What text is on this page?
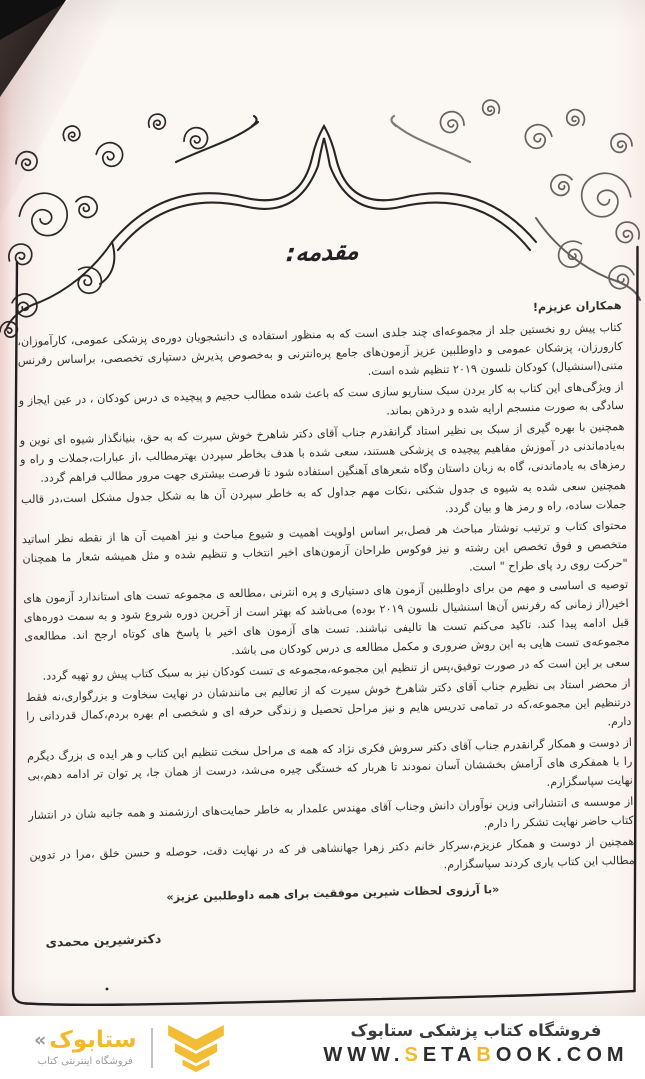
مقدمه:
همکاران عزیزم!

کتاب پیش رو نخستین جلد از مجموعه‌ای چند جلدی است که به منظور استفاده ی دانشجویان دوره‌ی پزشکی عمومی، کارآموزان، کارورزان، پزشکان عمومی و داوطلبین عزیز آزمون‌های جامع پره‌انترنی و به‌خصوص پذیرش دستیاری تخصصی، براساس رفرنس متنی(اسنشیال) کودکان نلسون ۲۰۱۹ تنظیم شده است.

از ویژگی‌های این کتاب به کار بردن سبک سناریو سازی ست که باعث شده مطالب حجیم و پیچیده ی درس کودکان ، در عین ایجاز و سادگی به صورت منسجم ارایه شده و درذهن بماند.

همچنین با بهره گیری از سبک بی نظیر استاد گرانقدرم جناب آقای دکتر شاهرخ خوش سیرت که به حق، بنیانگذار شیوه ای نوین و به‌یادماندنی در آموزش مفاهیم پیچیده ی پزشکی هستند، سعی شده با هدف بخاطر سپردن بهترمطالب ،از عبارات،جملات و راه و رمزهای به یادماندنی، گاه به زبان داستان وگاه شعرهای آهنگین استفاده شود تا فرصت بیشتری جهت مرور مطالب فراهم گردد.

همچنین سعی شده به شیوه ی جدول شکنی ،نکات مهم جداول که به خاطر سپردن آن ها به شکل جدول مشکل است،در قالب جملات ساده، راه و رمز ها و بیان گردد.

محتوای کتاب و ترتیب نوشتار مباحث هر فصل،بر اساس اولویت اهمیت و شیوع مباحث و نیز اهمیت آن ها از نقطه نظر اساتید متخصص و فوق تخصص این رشته و نیز فوکوس طراحان آزمون‌های اخیر انتخاب و تنظیم شده و مثل همیشه شعار ما همچنان "حرکت روی رد پای طراح " است.

توصیه ی اساسی و مهم من برای داوطلبین آزمون های دستیاری و پره انترنی ،مطالعه ی مجموعه تست های استاندارد آزمون های اخیر(از زمانی که رفرنس آن‌ها اسنشیال نلسون ۲۰۱۹ بوده) می‌باشد که بهتر است از آخرین دوره شروع شود و به سمت دوره‌های قبل ادامه پیدا کند. تاکید می‌کنم تست ها تالیفی نباشند. تست های آزمون های اخیر با پاسخ های کوتاه ارجح اند. مطالعه‌ی مجموعه‌ی تست هایی به این روش ضروری و مکمل مطالعه ی درس کودکان می باشد.

سعی بر این است که در صورت توفیق،پس از تنظیم این مجموعه،مجموعه ی تست کودکان نیز به سبک کتاب پیش رو تهیه گردد.

از محضر استاد بی نظیرم جناب آقای دکتر شاهرخ خوش سیرت که از تعالیم بی مانندشان در نهایت سخاوت و بزرگواری،نه فقط درتنظیم این مجموعه،که در تمامی تدریس هایم و نیز مراحل تحصیل و زندگی حرفه ای و شخصی ام بهره بردم،کمال قدردانی را دارم.

از دوست و همکار گرانقدرم جناب آقای دکتر سروش فکری نژاد که همه ی مراحل سخت تنظیم این کتاب و هر ایده ی بزرگ دیگرم را با همفکری های آرامش بخششان آسان نمودند تا هربار که خستگی چیره می‌شد، درست از همان جا، پر توان تر ادامه دهم،بی نهایت سپاسگزارم.

از موسسه ی انتشاراتی وزین نوآوران دانش وجناب آقای مهندس علمدار به خاطر حمایت‌های ارزشمند و همه جانبه شان در انتشار کتاب حاضر نهایت تشکر را دارم.

همچنین از دوست و همکار عزیزم،سرکار خانم دکتر زهرا جهانشاهی فر که در نهایت دقت، حوصله و حسن خلق ،مرا در تدوین مطالب این کتاب یاری کردند سپاسگزارم.

«با آرزوی لحظات شیرین موفقیت برای همه داوطلبین عزیز»
دکترشیرین محمدی
« ستابوک
فروشگاه اینترنتی کتاب
فروشگاه کتاب پزشکی ستابوک
WWW.SETABOOK.COM
